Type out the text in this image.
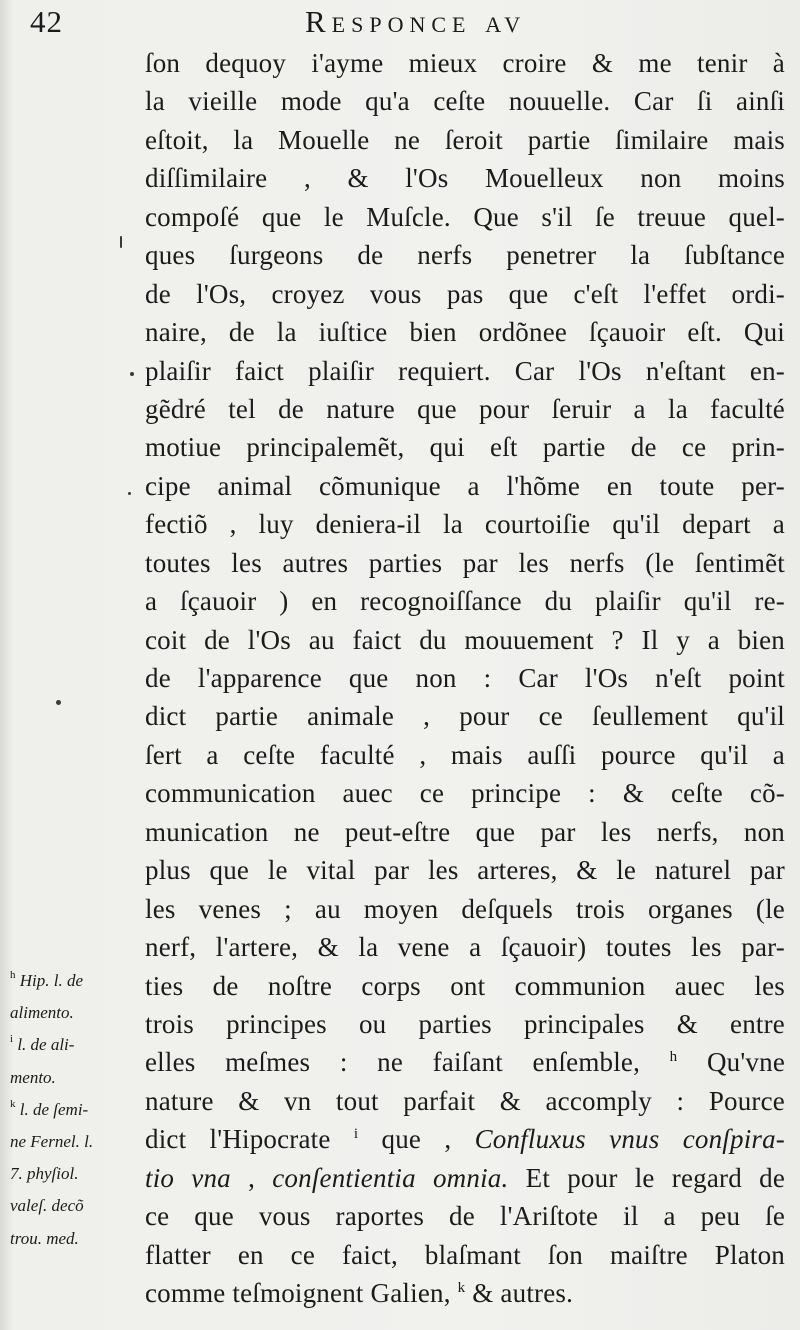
42	Responce av
ſon dequoy i'ayme mieux croire & me tenir à
la vieille mode qu'a ceſte nouuelle. Car ſi ainſi
eſtoit, la Mouelle ne ſeroit partie ſimilaire mais
diſſimilaire , & l'Os Mouelleux non moins
compoſé que le Muſcle. Que s'il ſe treuue quel-
ques ſurgeons de nerfs penetrer la ſubſtance
de l'Os, croyez vous pas que c'eſt l'effet ordi-
naire, de la iuſtice bien ordõnee ſçauoir eſt. Qui
plaiſir faict plaiſir requiert. Car l'Os n'eſtant en-
gẽdré tel de nature que pour ſeruir a la faculté
motiue principalemẽt, qui eſt partie de ce prin-
cipe animal cõmunique a l'hõme en toute per-
fectiõ , luy deniera-il la courtoiſie qu'il depart a
toutes les autres parties par les nerfs (le ſentimẽt
a ſçauoir ) en recognoiſſance du plaiſir qu'il re-
coit de l'Os au faict du mouuement ? Il y a bien
de l'apparence que non : Car l'Os n'eſt point
dict partie animale , pour ce ſeullement qu'il
ſert a ceſte faculté , mais auſſi pource qu'il a
communication auec ce principe : & ceſte cõ-
munication ne peut-eſtre que par les nerfs, non
plus que le vital par les arteres, & le naturel par
les venes ; au moyen deſquels trois organes (le
nerf, l'artere, & la vene a ſçauoir) toutes les par-
ties de noſtre corps ont communion auec les
trois principes ou parties principales & entre
elles meſmes : ne faiſant enſemble, $^h$ Qu'vne
nature & vn tout parfait & accomply : Pource
dict l'Hipocrate $^i$ que , Confluxus vnus conſpira-
tio vna , conſentientia omnia. Et pour le regard de
ce que vous raportes de l'Ariſtote il a peu ſe
flatter en ce faict, blaſmant ſon maiſtre Platon
comme teſmoignent Galien, $^k$ & autres.
$^h$ Hip. l. de
alimento.
$^i$ l. de ali-
mento.
$^k$ l. de ſemi-
ne Fernel. l.
7. phyſiol.
valeſ. decõ
trou. med.
